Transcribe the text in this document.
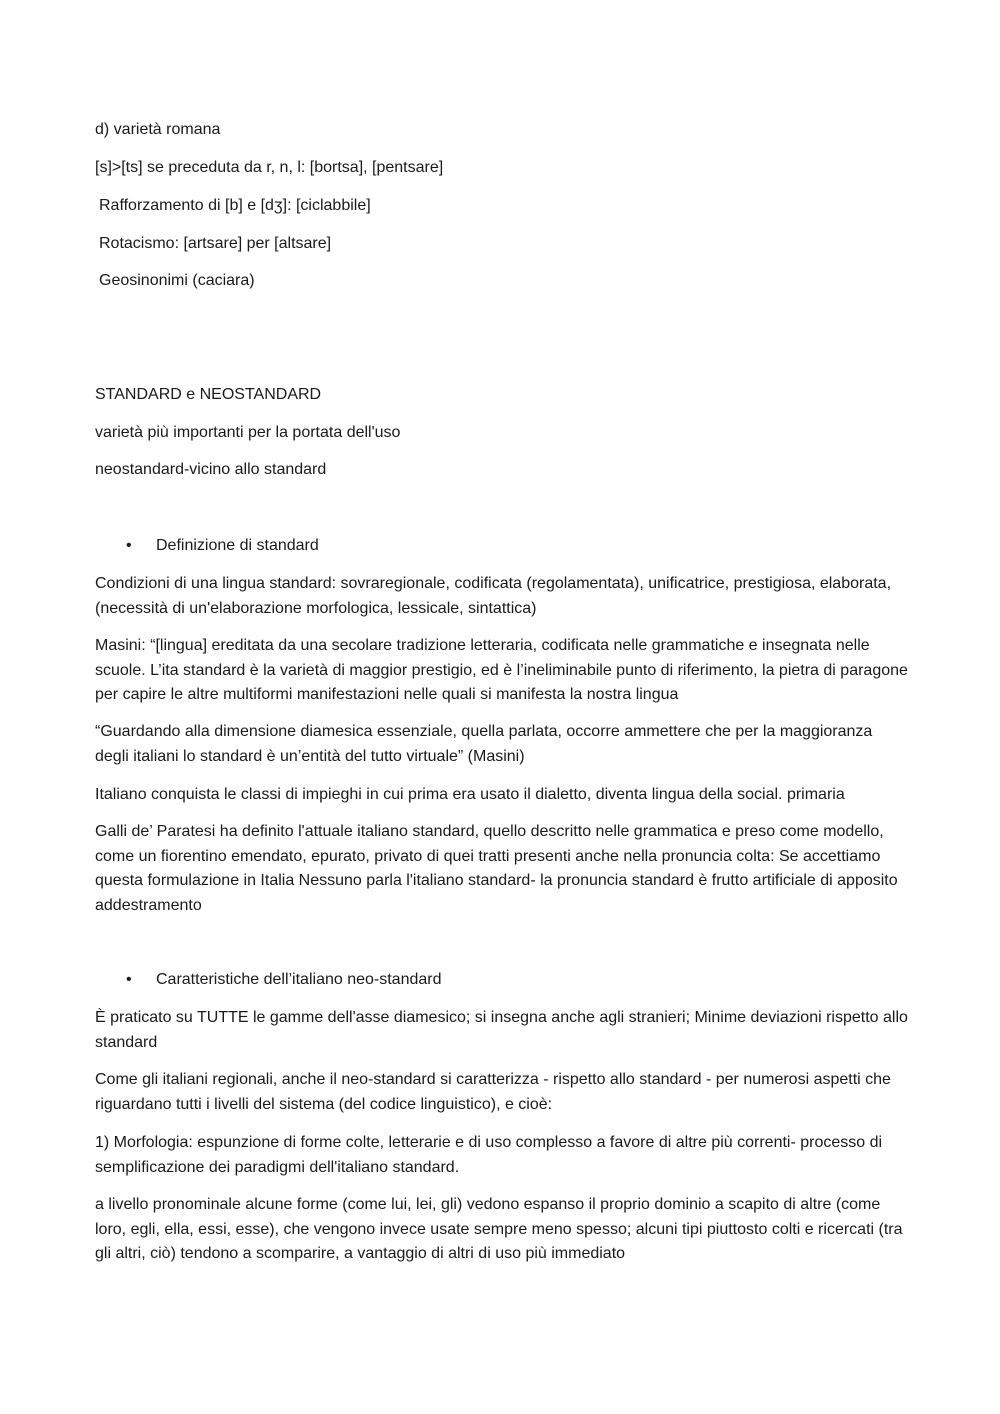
d) varietà romana
[s]>[ts] se preceduta da r, n, l: [bortsa], [pentsare]
Rafforzamento di [b] e [dʒ]: [ciclabbile]
Rotacismo: [artsare] per [altsare]
Geosinonimi (caciara)
STANDARD e NEOSTANDARD
varietà più importanti per la portata dell'uso
neostandard-vicino allo standard
• Definizione di standard
Condizioni di una lingua standard: sovraregionale, codificata (regolamentata), unificatrice, prestigiosa, elaborata, (necessità di un'elaborazione morfologica, lessicale, sintattica)
Masini: “[lingua] ereditata da una secolare tradizione letteraria, codificata nelle grammatiche e insegnata nelle scuole. L’ita standard è la varietà di maggior prestigio, ed è l’ineliminabile punto di riferimento, la pietra di paragone per capire le altre multiformi manifestazioni nelle quali si manifesta la nostra lingua
“Guardando alla dimensione diamesica essenziale, quella parlata, occorre ammettere che per la maggioranza degli italiani lo standard è un’entità del tutto virtuale” (Masini)
Italiano conquista le classi di impieghi in cui prima era usato il dialetto, diventa lingua della social. primaria
Galli de’ Paratesi ha definito l'attuale italiano standard, quello descritto nelle grammatica e preso come modello, come un fiorentino emendato, epurato, privato di quei tratti presenti anche nella pronuncia colta: Se accettiamo questa formulazione in Italia Nessuno parla l'italiano standard- la pronuncia standard è frutto artificiale di apposito addestramento
• Caratteristiche dell’italiano neo-standard
È praticato su TUTTE le gamme dell'asse diamesico; si insegna anche agli stranieri; Minime deviazioni rispetto allo standard
Come gli italiani regionali, anche il neo-standard si caratterizza - rispetto allo standard - per numerosi aspetti che riguardano tutti i livelli del sistema (del codice linguistico), e cioè:
1) Morfologia: espunzione di forme colte, letterarie e di uso complesso a favore di altre più correnti- processo di semplificazione dei paradigmi dell'italiano standard.
a livello pronominale alcune forme (come lui, lei, gli) vedono espanso il proprio dominio a scapito di altre (come loro, egli, ella, essi, esse), che vengono invece usate sempre meno spesso; alcuni tipi piuttosto colti e ricercati (tra gli altri, ciò) tendono a scomparire, a vantaggio di altri di uso più immediato
